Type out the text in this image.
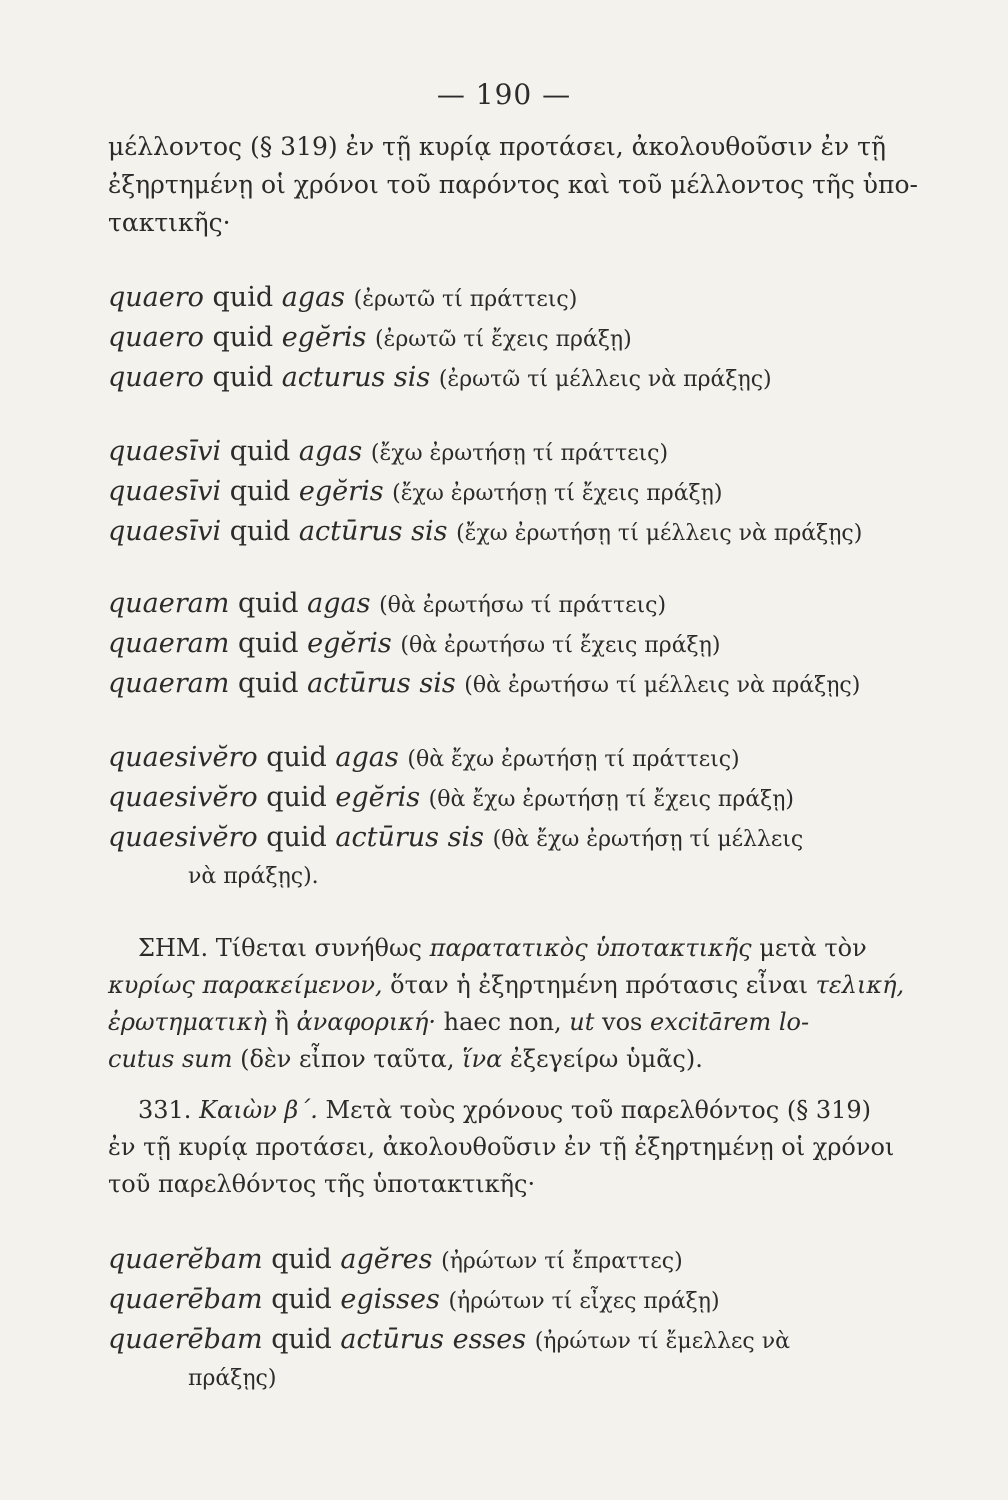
— 190 —
μέλλοντος (§ 319) ἐν τῇ κυρίᾳ προτάσει, ἀκολουθοῦσιν ἐν τῇ
ἐξηρτημένῃ οἱ χρόνοι τοῦ παρόντος καὶ τοῦ μέλλοντος τῆς ὑπο-
τακτικῆς·
quaero quid agas (ἐρωτῶ τί πράττεις)
quaero quid egĕris (ἐρωτῶ τί ἔχεις πράξῃ)
quaero quid acturus sis (ἐρωτῶ τί μέλλεις νὰ πράξῃς)
quaesīvi quid agas (ἔχω ἐρωτήσῃ τί πράττεις)
quaesīvi quid egĕris (ἔχω ἐρωτήσῃ τί ἔχεις πράξῃ)
quaesīvi quid actūrus sis (ἔχω ἐρωτήσῃ τί μέλλεις νὰ πράξῃς)
quaeram quid agas (θὰ ἐρωτήσω τί πράττεις)
quaeram quid egĕris (θὰ ἐρωτήσω τί ἔχεις πράξῃ)
quaeram quid actūrus sis (θὰ ἐρωτήσω τί μέλλεις νὰ πράξῃς)
quaesivĕro quid agas (θὰ ἔχω ἐρωτήσῃ τί πράττεις)
quaesivĕro quid egĕris (θὰ ἔχω ἐρωτήσῃ τί ἔχεις πράξῃ)
quaesivĕro quid actūrus sis (θὰ ἔχω ἐρωτήσῃ τί μέλλεις
νὰ πράξῃς).
ΣΗΜ. Τίθεται συνήθως παρατατικὸς ὑποτακτικῆς μετὰ τὸν
κυρίως παρακείμενον, ὅταν ἡ ἐξηρτημένη πρότασις εἶναι τελική,
ἐρωτηματικὴ ἢ ἀναφορική· haec non, ut vos excitārem lo-
cutus sum (δὲν εἶπον ταῦτα, ἵνα ἐξεγείρω ὑμᾶς).
331. Καιὼν β΄. Μετὰ τοὺς χρόνους τοῦ παρελθόντος (§ 319)
ἐν τῇ κυρίᾳ προτάσει, ἀκολουθοῦσιν ἐν τῇ ἐξηρτημένῃ οἱ χρόνοι
τοῦ παρελθόντος τῆς ὑποτακτικῆς·
quaerĕbam quid agĕres (ἠρώτων τί ἔπραττες)
quaerēbam quid egisses (ἠρώτων τί εἶχες πράξῃ)
quaerēbam quid actūrus esses (ἠρώτων τί ἔμελλες νὰ
πράξῃς)
